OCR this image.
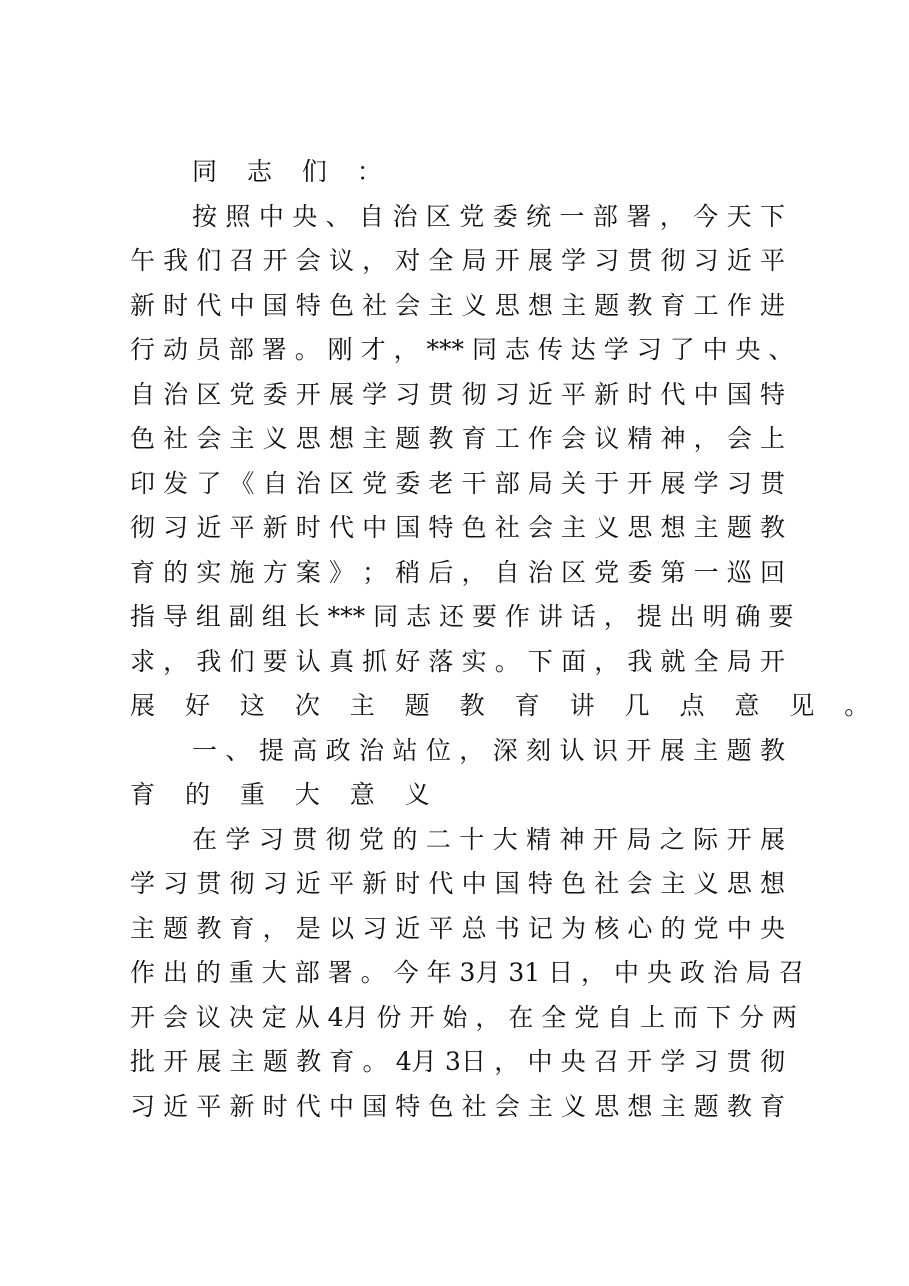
同 志 们 ：
按 照 中 央 、 自 治 区 党 委 统 一 部 署 ， 今 天 下
午 我 们 召 开 会 议 ， 对 全 局 开 展 学 习 贯 彻 习 近 平
新 时 代 中 国 特 色 社 会 主 义 思 想 主 题 教 育 工 作 进
行 动 员 部 署 。 刚 才 ， *** 同 志 传 达 学 习 了 中 央 、
自 治 区 党 委 开 展 学 习 贯 彻 习 近 平 新 时 代 中 国 特
色 社 会 主 义 思 想 主 题 教 育 工 作 会 议 精 神 ， 会 上
印 发 了 《 自 治 区 党 委 老 干 部 局 关 于 开 展 学 习 贯
彻 习 近 平 新 时 代 中 国 特 色 社 会 主 义 思 想 主 题 教
育 的 实 施 方 案 》 ； 稍 后 ， 自 治 区 党 委 第 一 巡 回
指 导 组 副 组 长 *** 同 志 还 要 作 讲 话 ， 提 出 明 确 要
求 ， 我 们 要 认 真 抓 好 落 实 。 下 面 ， 我 就 全 局 开
展 好 这 次 主 题 教 育 讲 几 点 意 见 。
一 、 提 高 政 治 站 位 ， 深 刻 认 识 开 展 主 题 教
育 的 重 大 意 义
在 学 习 贯 彻 党 的 二 十 大 精 神 开 局 之 际 开 展
学 习 贯 彻 习 近 平 新 时 代 中 国 特 色 社 会 主 义 思 想
主 题 教 育 ， 是 以 习 近 平 总 书 记 为 核 心 的 党 中 央
作 出 的 重 大 部 署 。 今 年 3月 31 日 ， 中 央 政 治 局 召
开 会 议 决 定 从 4月 份 开 始 ， 在 全 党 自 上 而 下 分 两
批 开 展 主 题 教 育 。 4月 3日 ， 中 央 召 开 学 习 贯 彻
习 近 平 新 时 代 中 国 特 色 社 会 主 义 思 想 主 题 教 育
